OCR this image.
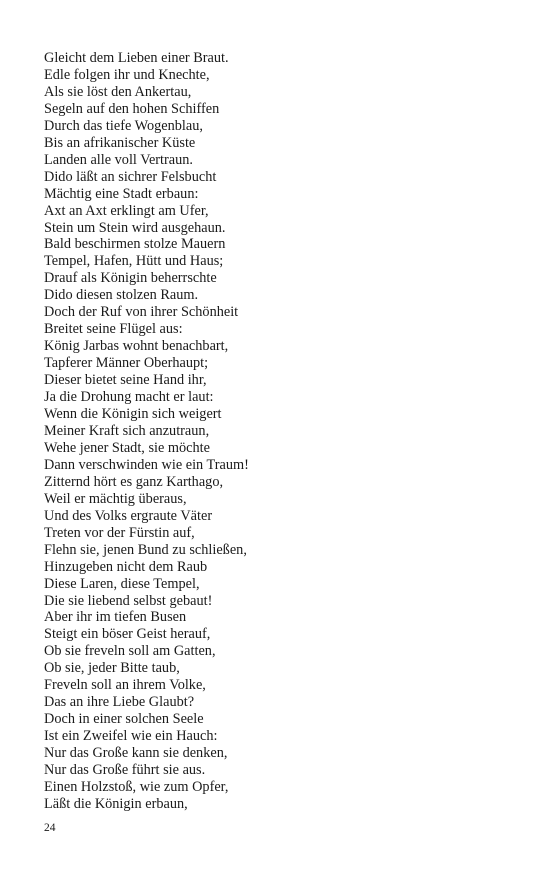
Gleicht dem Lieben einer Braut.
Edle folgen ihr und Knechte,
Als sie löst den Ankertau,
Segeln auf den hohen Schiffen
Durch das tiefe Wogenblau,
Bis an afrikanischer Küste
Landen alle voll Vertraun.
Dido läßt an sichrer Felsbucht
Mächtig eine Stadt erbaun:
Axt an Axt erklingt am Ufer,
Stein um Stein wird ausgehaun.
Bald beschirmen stolze Mauern
Tempel, Hafen, Hütt und Haus;
Drauf als Königin beherrschte
Dido diesen stolzen Raum.
Doch der Ruf von ihrer Schönheit
Breitet seine Flügel aus:
König Jarbas wohnt benachbart,
Tapferer Männer Oberhaupt;
Dieser bietet seine Hand ihr,
Ja die Drohung macht er laut:
Wenn die Königin sich weigert
Meiner Kraft sich anzutraun,
Wehe jener Stadt, sie möchte
Dann verschwinden wie ein Traum!
Zitternd hört es ganz Karthago,
Weil er mächtig überaus,
Und des Volks ergraute Väter
Treten vor der Fürstin auf,
Flehn sie, jenen Bund zu schließen,
Hinzugeben nicht dem Raub
Diese Laren, diese Tempel,
Die sie liebend selbst gebaut!
Aber ihr im tiefen Busen
Steigt ein böser Geist herauf,
Ob sie freveln soll am Gatten,
Ob sie, jeder Bitte taub,
Freveln soll an ihrem Volke,
Das an ihre Liebe Glaubt?
Doch in einer solchen Seele
Ist ein Zweifel wie ein Hauch:
Nur das Große kann sie denken,
Nur das Große führt sie aus.
Einen Holzstoß, wie zum Opfer,
Läßt die Königin erbaun,
24
